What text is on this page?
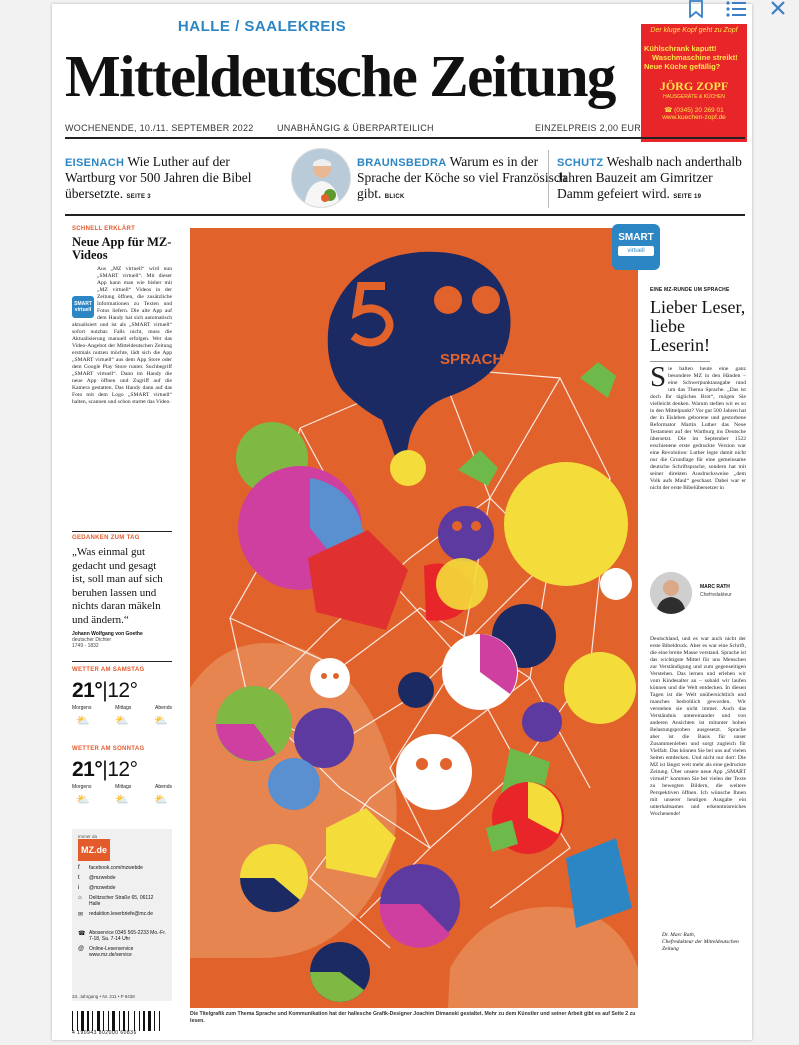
HALLE / SAALEKREIS
Mitteldeutsche Zeitung
Der kluge Kopf geht zu Zopf
Kühlschrank kaputt!
Waschmaschine streikt!
Neue Küche gefällig?
JÖRG ZOPF
HAUSGERÄTE & KÜCHEN
☎ (0345) 20 269 01
www.kuechen-zopf.de
WOCHENENDE, 10./11. SEPTEMBER 2022	UNABHÄNGIG & ÜBERPARTEILICH	EINZELPREIS 2,00 EUR
EISENACH Wie Luther auf der Wartburg vor 500 Jahren die Bibel übersetzte. SEITE 3
BRAUNSBEDRA Warum es in der Sprache der Köche so viel Französisch gibt. BLICK
SCHUTZ Weshalb nach anderthalb Jahren Bauzeit am Gimritzer Damm gefeiert wird. SEITE 19
SCHNELL ERKLÄRT
Neue App für MZ-Videos
SMART
virtuell

Aus „MZ virtuell“ wird nun „SMART virtuell“. Mit dieser App kann man wie bisher mit „MZ virtuell“ Videos in der Zeitung öffnen, die zusätzliche Informationen zu Texten und Fotos liefern. Die alte App auf dem Handy hat sich automatisch aktualisiert und ist als „SMART virtuell“ sofort nutzbar. Falls nicht, muss die Aktualisierung manuell erfolgen. Wer das Video-Angebot der Mitteldeutschen Zeitung erstmals nutzen möchte, lädt sich die App „SMART virtuell“ aus dem App Store oder dem Google Play Store runter. Suchbegriff „SMART virtuell“. Dann im Handy die neue App öffnen und Zugriff auf die Kamera gestatten. Das Handy dann auf das Foto mit dem Logo „SMART virtuell“ halten, scannen und schon startet das Video.

GEDANKEN ZUM TAG
„Was einmal gut gedacht und gesagt ist, soll man auf sich beruhen lassen und nichts daran mäkeln und ändern.“
Johann Wolfgang von Goethe
deutscher Dichter
1749 - 1832
WETTER AM SAMSTAG
21°|12°
Morgens	Mittags	Abends
⛅ ⛅ ⛅
WETTER AM SONNTAG
21°|12°
Morgens	Mittags	Abends
⛅ ⛅ ⛅
Immer da
MZ.de
f	facebook.com/mzwebde
t	@mzwebde
i	@mzwebde
⌂	Delitzscher Straße 65, 06112 Halle
✉	redaktion.leserbriefe@mz.de
☎ Aboservice 0345 565-2233 Mo.-Fr. 7-18, Sa. 7-14 Uhr
@ Online-Leserservice www.mz.de/service
33. Jahrgang • Nr. 211 • P 9438
4 190943 802000 60836
SPRACHE
SMART
virtuell
Die Titelgrafik zum Thema Sprache und Kommunikation hat der hallesche Grafik-Designer Joachim Dimanski gestaltet. Mehr zu dem Künstler und seiner Arbeit gibt es auf Seite 2 zu lesen.
EINE MZ-RUNDE UM SPRACHE
Lieber Leser, liebe Leserin!

Sie halten heute eine ganz besondere MZ in den Händen – eine Schwerpunktausgabe rund um das Thema Sprache. „Das ist doch Ihr tägliches Brot“, mögen Sie vielleicht denken. Warum stellen wir es so in den Mittelpunkt? Vor gut 500 Jahren hat der in Eisleben geborene und gestorbene Reformator Martin Luther das Neue Testament auf der Wartburg ins Deutsche übersetzt. Die im September 1522 erschienene erste gedruckte Version war eine Revolution: Luther legte damit nicht nur die Grundlage für eine gemeinsame deutsche Schriftsprache, sondern hat mit seiner direkten Ausdrucksweise „dem Volk aufs Maul“ geschaut. Dabei war er nicht der erste Bibelübersetzer in

MARC RATH
Chefredakteur

Deutschland, und es war auch nicht der erste Bibeldruck. Aber es war eine Schrift, die eine breite Masse verstand. Sprache ist das wichtigste Mittel für uns Menschen zur Verständigung und zum gegenseitigen Verstehen. Das lernen und erleben wir vom Kindesalter an – sobald wir laufen können und die Welt entdecken. In diesen Tagen ist die Welt unübersichtlich und manches bedrohlich geworden. Wir verstehen sie nicht immer. Auch das Verständnis untereinander und von anderen Ansichten ist mitunter hohen Belastungsproben ausgesetzt. Sprache aber ist die Basis für unser Zusammenleben und sorgt zugleich für Vielfalt. Das können Sie bei uns auf vielen Seiten entdecken. Und nicht nur dort: Die MZ ist längst weit mehr als eine gedruckte Zeitung. Über unsere neue App „SMART virtuell“ kommen Sie bei vielen der Texte zu bewegten Bildern, die weitere Perspektiven öffnen. Ich wünsche Ihnen mit unserer heutigen Ausgabe ein unterhaltsames und erkenntnisreiches Wochenende!

Dr. Marc Rath,
Chefredakteur der Mitteldeutschen Zeitung
